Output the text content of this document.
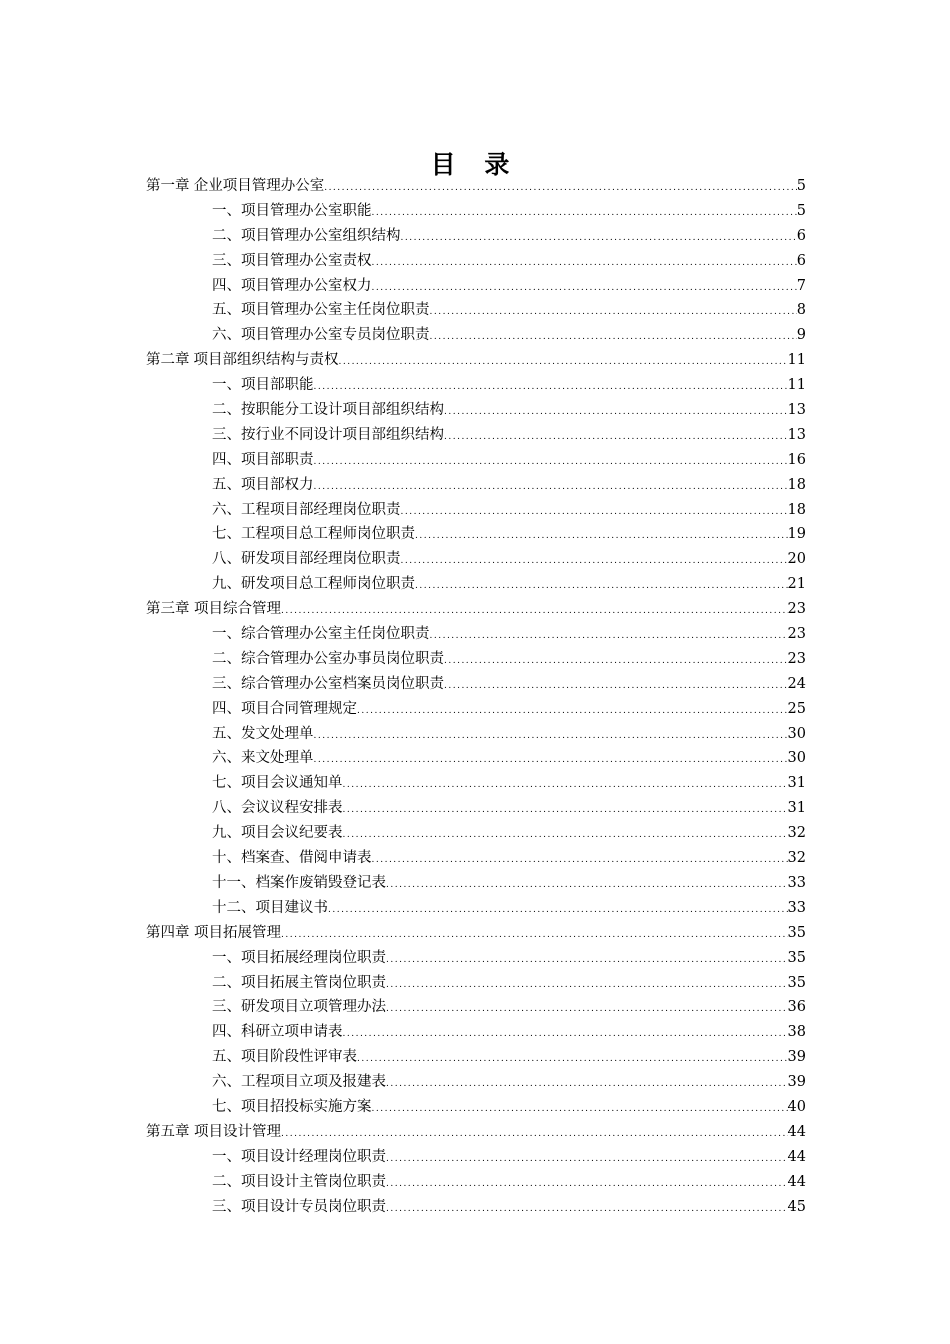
目 录
第一章 企业项目管理办公室 .....	5
一、项目管理办公室职能 .....	5
二、项目管理办公室组织结构 .....	6
三、项目管理办公室责权 .....	6
四、项目管理办公室权力 .....	7
五、项目管理办公室主任岗位职责 .....	8
六、项目管理办公室专员岗位职责 .....	9
第二章 项目部组织结构与责权 .....	11
一、项目部职能 .....	11
二、按职能分工设计项目部组织结构 .....	13
三、按行业不同设计项目部组织结构 .....	13
四、项目部职责 .....	16
五、项目部权力 .....	18
六、工程项目部经理岗位职责 .....	18
七、工程项目总工程师岗位职责 .....	19
八、研发项目部经理岗位职责 .....	20
九、研发项目总工程师岗位职责 .....	21
第三章 项目综合管理 .....	23
一、综合管理办公室主任岗位职责 .....	23
二、综合管理办公室办事员岗位职责 .....	23
三、综合管理办公室档案员岗位职责 .....	24
四、项目合同管理规定 .....	25
五、发文处理单 .....	30
六、来文处理单 .....	30
七、项目会议通知单 .....	31
八、会议议程安排表 .....	31
九、项目会议纪要表 .....	32
十、档案查、借阅申请表 .....	32
十一、档案作废销毁登记表 .....	33
十二、项目建议书 .....	33
第四章 项目拓展管理 .....	35
一、项目拓展经理岗位职责 .....	35
二、项目拓展主管岗位职责 .....	35
三、研发项目立项管理办法 .....	36
四、科研立项申请表 .....	38
五、项目阶段性评审表 .....	39
六、工程项目立项及报建表 .....	39
七、项目招投标实施方案 .....	40
第五章 项目设计管理 .....	44
一、项目设计经理岗位职责 .....	44
二、项目设计主管岗位职责 .....	44
三、项目设计专员岗位职责 .....	45
